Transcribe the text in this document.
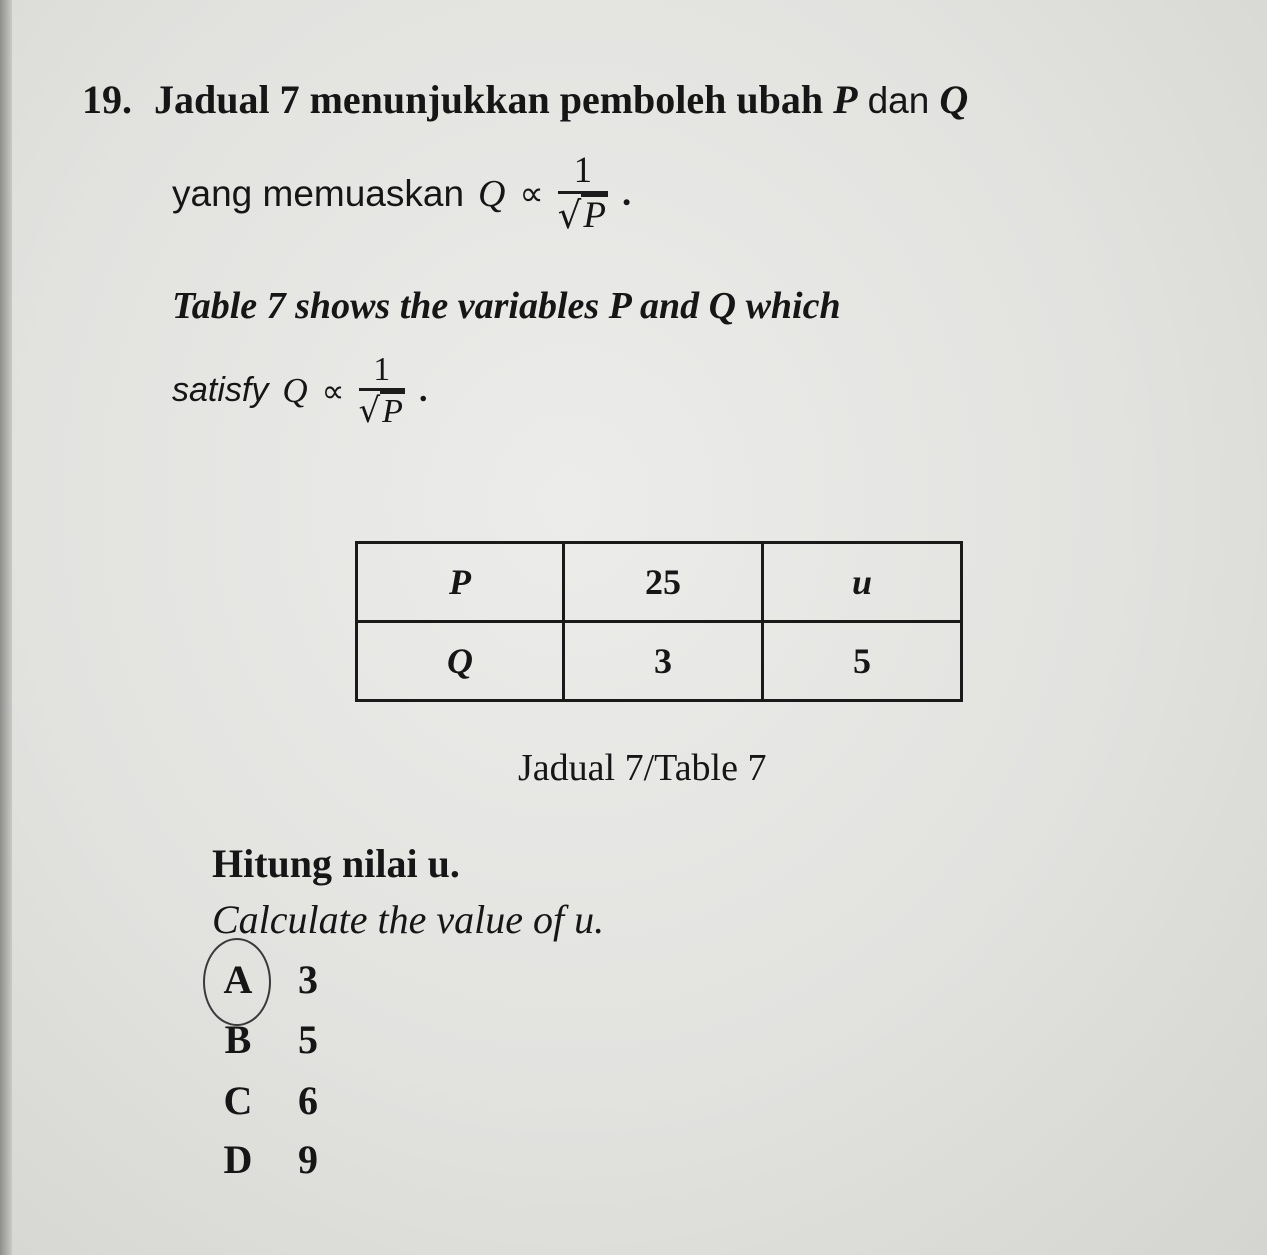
19. Jadual 7 menunjukkan pemboleh ubah P dan Q
yang memuaskan $Q \propto \frac{1}{√ P}$ .
Table 7 shows the variables P and Q which
satisfy $Q \propto \frac{1}{√ P}$ .
P	25	u
Q	3	5
Jadual 7/Table 7
Hitung nilai u.
Calculate the value of u.
A 3
B 5
C 6
D 9
